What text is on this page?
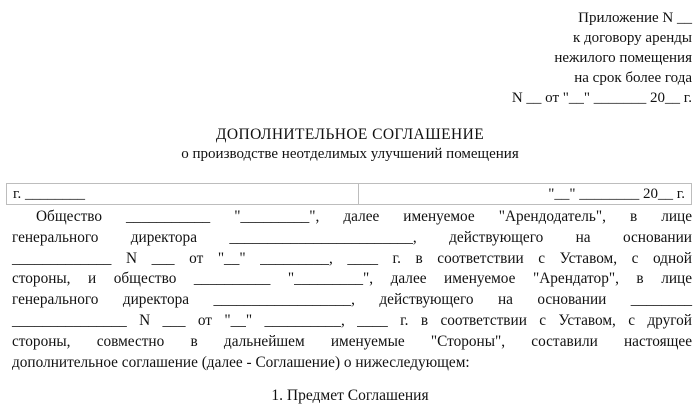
Приложение N __
к договору аренды
нежилого помещения
на срок более года
N __ от "__" _______ 20__ г.
ДОПОЛНИТЕЛЬНОЕ СОГЛАШЕНИЕ
о производстве неотделимых улучшений помещения
г. ________	"__" ________ 20__ г.
Общество ___________ "_________", далее именуемое "Арендодатель", в лице
генерального директора ________________________, действующего на основании
_____________ N ___ от "__" _________, ____ г. в соответствии с Уставом, с одной
стороны, и общество __________ "_________", далее именуемое "Арендатор", в лице
генерального директора __________________, действующего на основании ________
_______________ N ___ от "__" __________, ____ г. в соответствии с Уставом, с другой
стороны, совместно в дальнейшем именуемые "Стороны", составили настоящее
дополнительное соглашение (далее - Соглашение) о нижеследующем:
1. Предмет Соглашения
